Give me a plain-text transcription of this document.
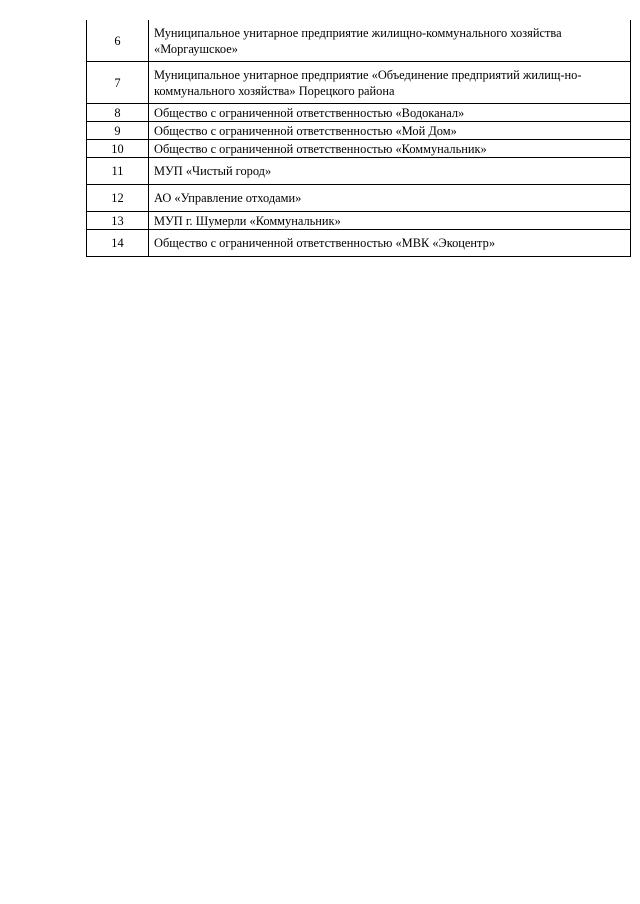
6	Муниципальное унитарное предприятие жилищно-коммунального хозяйства «Моргаушское»
7	Муниципальное унитарное предприятие «Объединение предприятий жилищ-но-коммунального хозяйства» Порецкого района
8	Общество с ограниченной ответственностью «Водоканал»
9	Общество с ограниченной ответственностью «Мой Дом»
10	Общество с ограниченной ответственностью «Коммунальник»
11	МУП «Чистый город»
12	АО «Управление отходами»
13	МУП г. Шумерли «Коммунальник»
14	Общество с ограниченной ответственностью «МВК «Экоцентр»
